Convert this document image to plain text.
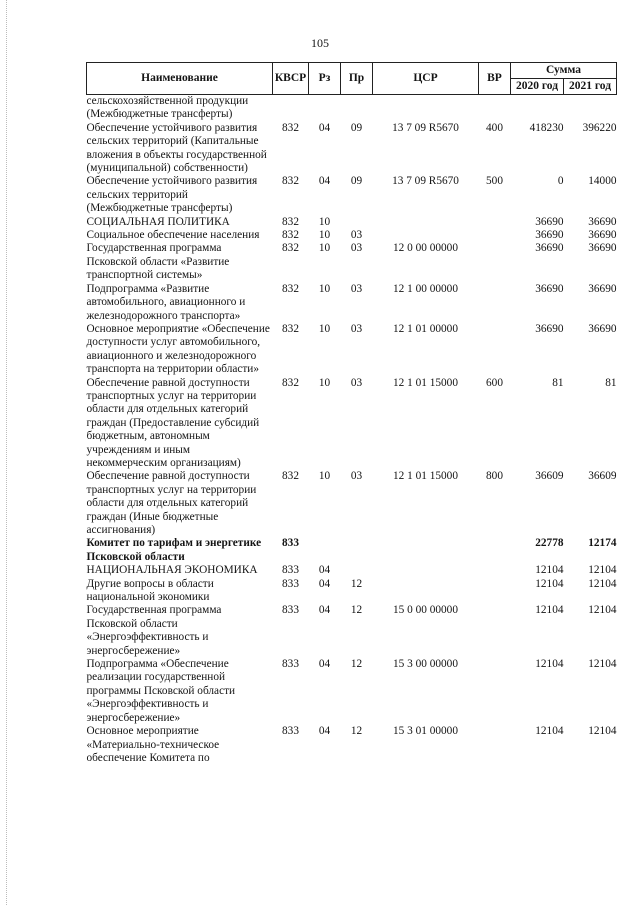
105
Наименование	КВСР	Рз	Пр	ЦСР	ВР	Сумма	
						2020 год	2021 год
сельскохозяйственной продукции (Межбюджетные трансферты)							
Обеспечение устойчивого развития сельских территорий (Капитальные вложения в объекты государственной (муниципальной) собственности)	832	04	09	13 7 09 R5670	400	418230	396220
Обеспечение устойчивого развития сельских территорий (Межбюджетные трансферты)	832	04	09	13 7 09 R5670	500	0	14000
СОЦИАЛЬНАЯ ПОЛИТИКА	832	10				36690	36690
Социальное обеспечение населения	832	10	03			36690	36690
Государственная программа Псковской области «Развитие транспортной системы»	832	10	03	12 0 00 00000		36690	36690
Подпрограмма «Развитие автомобильного, авиационного и железнодорожного транспорта»	832	10	03	12 1 00 00000		36690	36690
Основное мероприятие «Обеспечение доступности услуг автомобильного, авиационного и железнодорожного транспорта на территории области»	832	10	03	12 1 01 00000		36690	36690
Обеспечение равной доступности транспортных услуг на территории области для отдельных категорий граждан (Предоставление субсидий бюджетным, автономным учреждениям и иным некоммерческим организациям)	832	10	03	12 1 01 15000	600	81	81
Обеспечение равной доступности транспортных услуг на территории области для отдельных категорий граждан (Иные бюджетные ассигнования)	832	10	03	12 1 01 15000	800	36609	36609
Комитет по тарифам и энергетике Псковской области	833					22778	12174
НАЦИОНАЛЬНАЯ ЭКОНОМИКА	833	04				12104	12104
Другие вопросы в области национальной экономики	833	04	12			12104	12104
Государственная программа Псковской области «Энергоэффективность и энергосбережение»	833	04	12	15 0 00 00000		12104	12104
Подпрограмма «Обеспечение реализации государственной программы Псковской области «Энергоэффективность и энергосбережение»	833	04	12	15 3 00 00000		12104	12104
Основное мероприятие «Материально-техническое обеспечение Комитета по	833	04	12	15 3 01 00000		12104	12104
